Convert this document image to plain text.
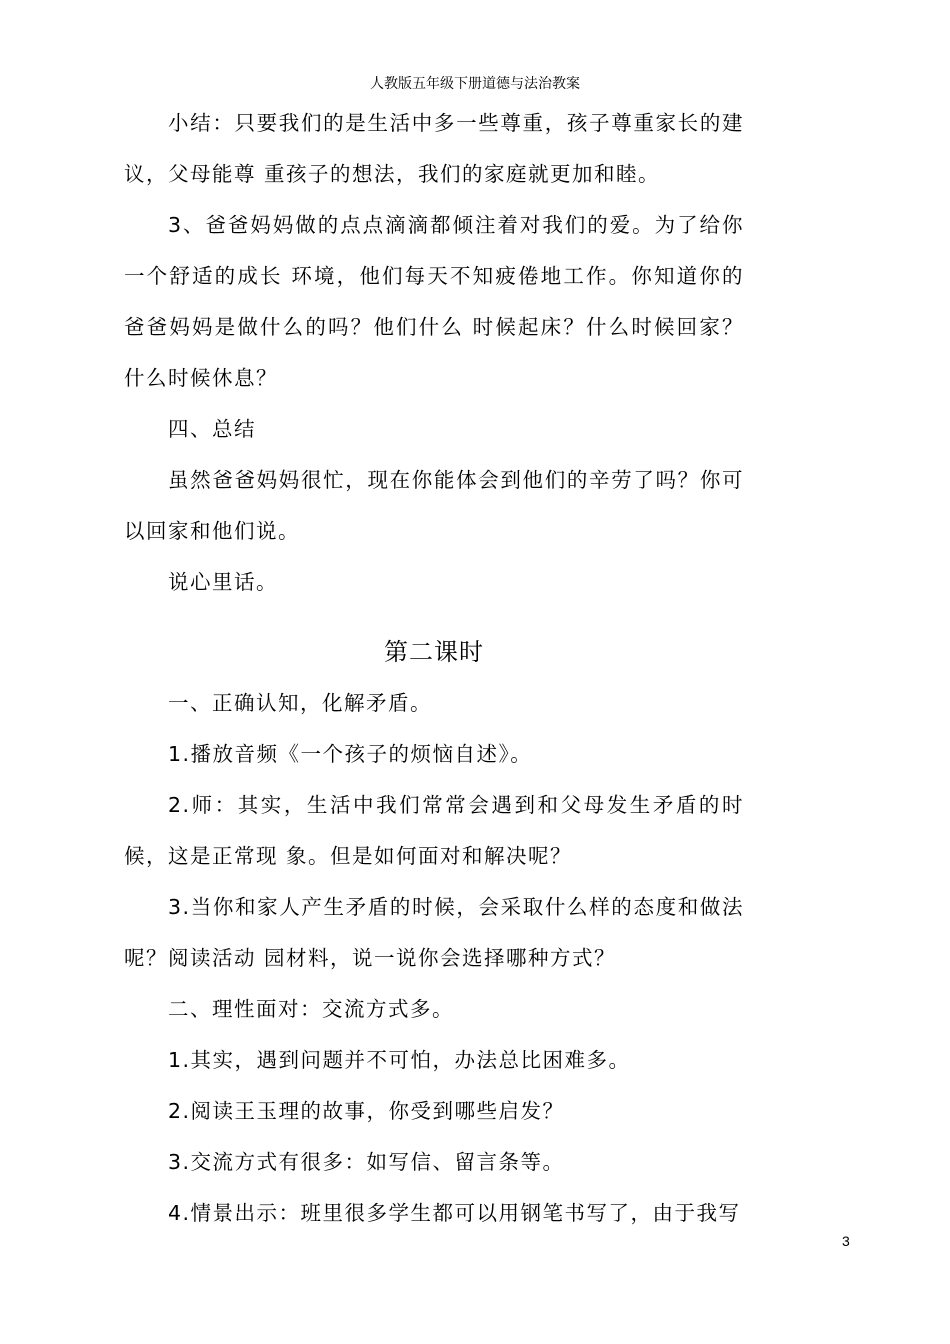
人教版五年级下册道德与法治教案

小结：只要我们的是生活中多一些尊重，孩子尊重家长的建议，父母能尊 重孩子的想法，我们的家庭就更加和睦。

3、爸爸妈妈做的点点滴滴都倾注着对我们的爱。为了给你一个舒适的成长 环境，他们每天不知疲倦地工作。你知道你的爸爸妈妈是做什么的吗？他们什么 时候起床？什么时候回家？什么时候休息？

四、总结

虽然爸爸妈妈很忙，现在你能体会到他们的辛劳了吗？你可以回家和他们说。

说心里话。

第二课时

一、正确认知，化解矛盾。

1.播放音频《一个孩子的烦恼自述》。

2.师：其实，生活中我们常常会遇到和父母发生矛盾的时候，这是正常现 象。但是如何面对和解决呢？

3.当你和家人产生矛盾的时候，会采取什么样的态度和做法呢？阅读活动 园材料，说一说你会选择哪种方式？

二、理性面对：交流方式多。

1.其实，遇到问题并不可怕，办法总比困难多。

2.阅读王玉理的故事，你受到哪些启发？

3.交流方式有很多：如写信、留言条等。

4.情景出示：班里很多学生都可以用钢笔书写了，由于我写

3
